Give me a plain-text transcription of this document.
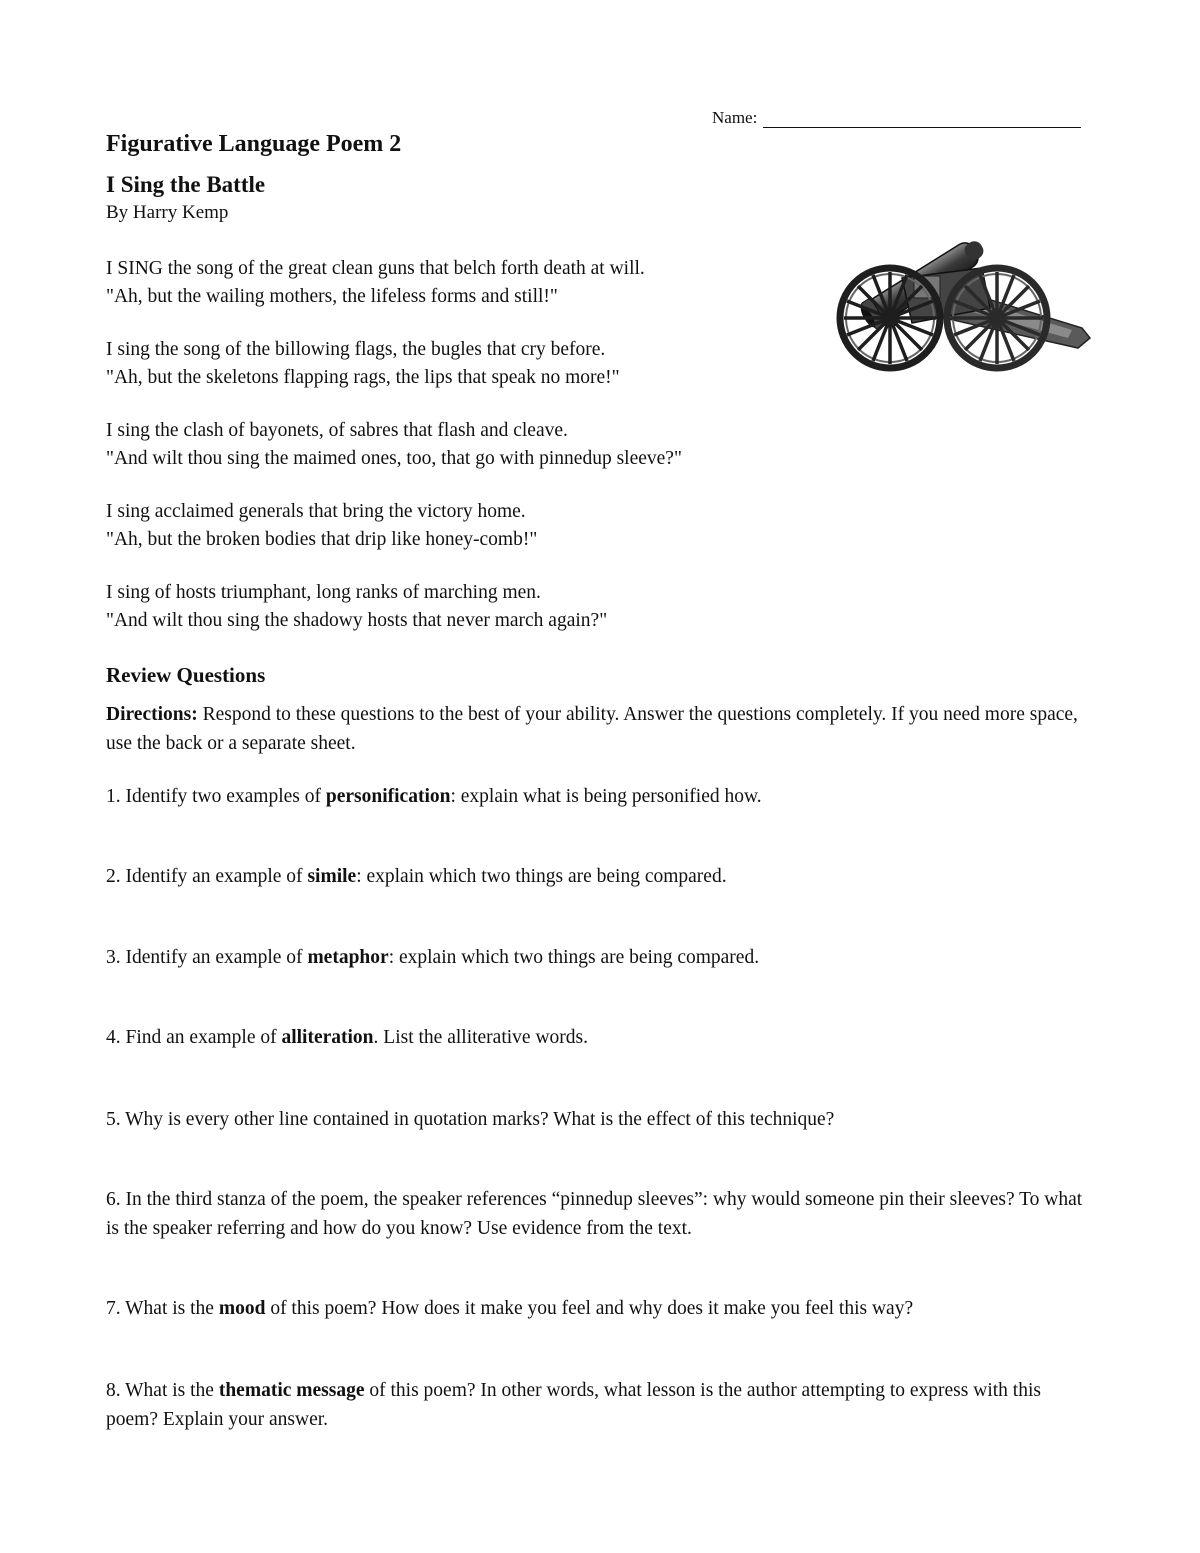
Name:
Figurative Language Poem 2
I Sing the Battle
By Harry Kemp

I SING the song of the great clean guns that belch forth death at will.
"Ah, but the wailing mothers, the lifeless forms and still!"

I sing the song of the billowing flags, the bugles that cry before.
"Ah, but the skeletons flapping rags, the lips that speak no more!"

I sing the clash of bayonets, of sabres that flash and cleave.
"And wilt thou sing the maimed ones, too, that go with pinnedup sleeve?"

I sing acclaimed generals that bring the victory home.
"Ah, but the broken bodies that drip like honey-comb!"

I sing of hosts triumphant, long ranks of marching men.
"And wilt thou sing the shadowy hosts that never march again?"

Review Questions
Directions: Respond to these questions to the best of your ability. Answer the questions completely. If you need more space, use the back or a separate sheet.
1. Identify two examples of personification: explain what is being personified how.
2. Identify an example of simile: explain which two things are being compared.
3. Identify an example of metaphor: explain which two things are being compared.
4. Find an example of alliteration. List the alliterative words.
5. Why is every other line contained in quotation marks? What is the effect of this technique?
6. In the third stanza of the poem, the speaker references “pinnedup sleeves”: why would someone pin their sleeves? To what is the speaker referring and how do you know? Use evidence from the text.
7. What is the mood of this poem? How does it make you feel and why does it make you feel this way?
8. What is the thematic message of this poem? In other words, what lesson is the author attempting to express with this poem? Explain your answer.
